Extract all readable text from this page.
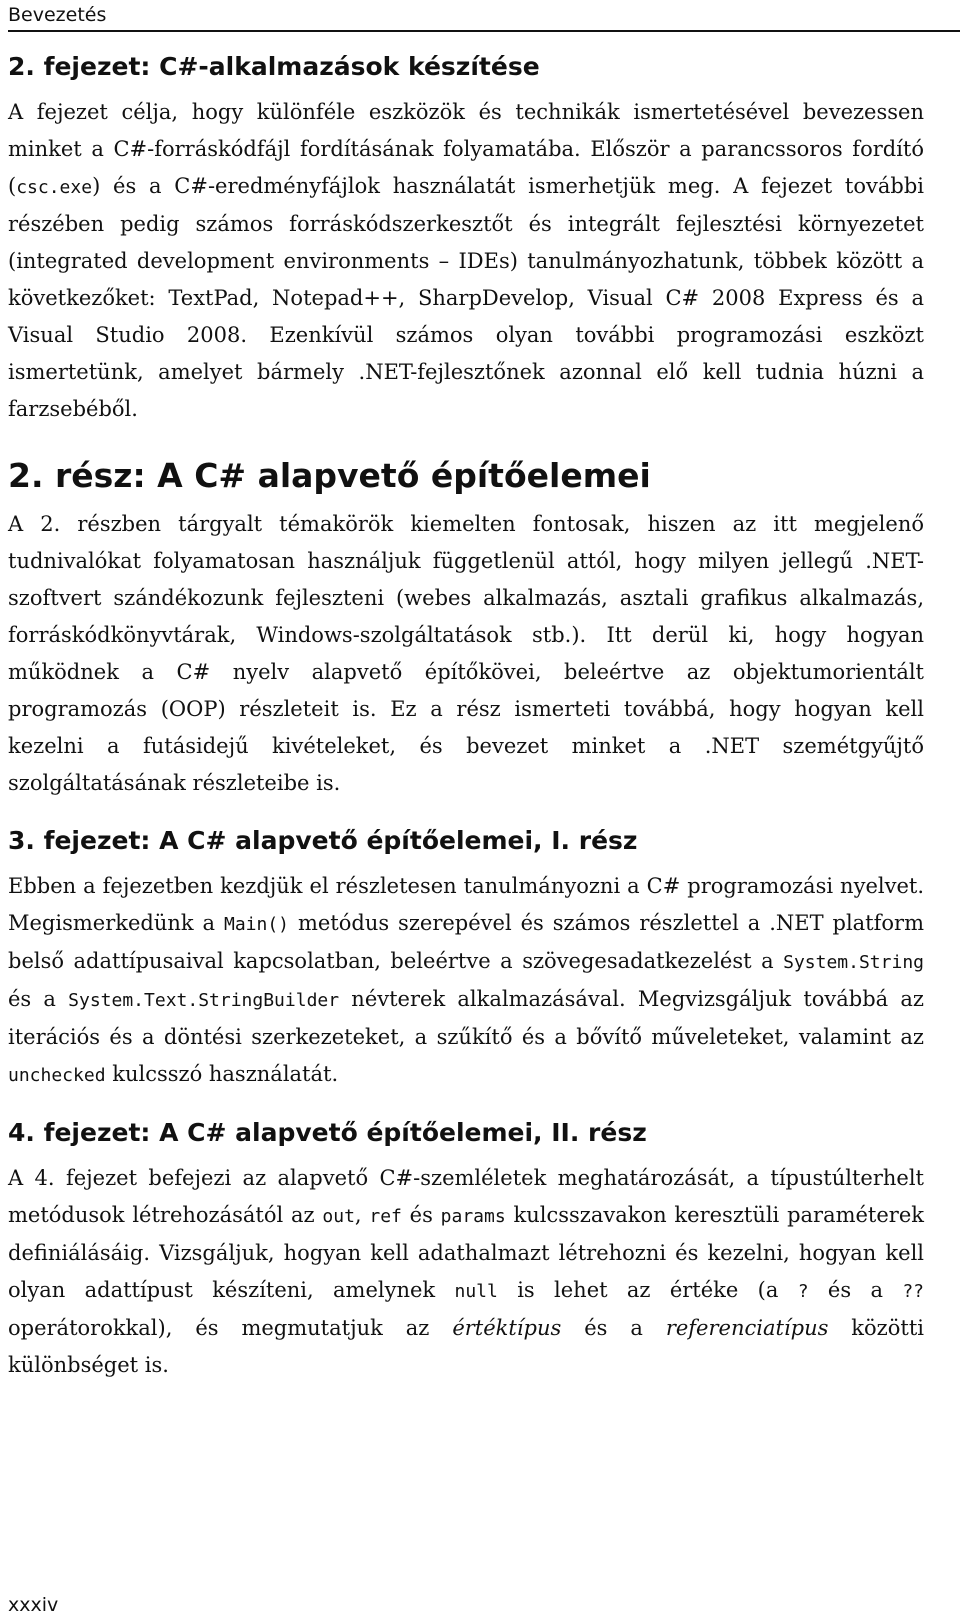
Bevezetés
2. fejezet: C#-alkalmazások készítése

A fejezet célja, hogy különféle eszközök és technikák ismertetésével bevezessen minket a C#-forráskódfájl fordításának folyamatába. Először a parancssoros fordító (csc.exe) és a C#-eredményfájlok használatát ismerhetjük meg. A fejezet további részében pedig számos forráskódszerkesztőt és integrált fejlesztési környezetet (integrated development environments – IDEs) tanulmányozhatunk, többek között a következőket: TextPad, Notepad++, SharpDevelop, Visual C# 2008 Express és a Visual Studio 2008. Ezenkívül számos olyan további programozási eszközt ismertetünk, amelyet bármely .NET-fejlesztőnek azonnal elő kell tudnia húzni a farzsebéből.

2. rész: A C# alapvető építőelemei

A 2. részben tárgyalt témakörök kiemelten fontosak, hiszen az itt megjelenő tudnivalókat folyamatosan használjuk függetlenül attól, hogy milyen jellegű .NET-szoftvert szándékozunk fejleszteni (webes alkalmazás, asztali grafikus alkalmazás, forráskódkönyvtárak, Windows-szolgáltatások stb.). Itt derül ki, hogy hogyan működnek a C# nyelv alapvető építőkövei, beleértve az objektumorientált programozás (OOP) részleteit is. Ez a rész ismerteti továbbá, hogy hogyan kell kezelni a futásidejű kivételeket, és bevezet minket a .NET szemétgyűjtő szolgáltatásának részleteibe is.

3. fejezet: A C# alapvető építőelemei, I. rész

Ebben a fejezetben kezdjük el részletesen tanulmányozni a C# programozási nyelvet. Megismerkedünk a Main() metódus szerepével és számos részlettel a .NET platform belső adattípusaival kapcsolatban, beleértve a szövegesadatkezelést a System.String és a System.Text.StringBuilder névterek alkalmazásával. Megvizsgáljuk továbbá az iterációs és a döntési szerkezeteket, a szűkítő és a bővítő műveleteket, valamint az unchecked kulcsszó használatát.

4. fejezet: A C# alapvető építőelemei, II. rész

A 4. fejezet befejezi az alapvető C#-szemléletek meghatározását, a típustúlterhelt metódusok létrehozásától az out, ref és params kulcsszavakon keresztüli paraméterek definiálásáig. Vizsgáljuk, hogyan kell adathalmazt létrehozni és kezelni, hogyan kell olyan adattípust készíteni, amelynek null is lehet az értéke (a ? és a ?? operátorokkal), és megmutatjuk az értéktípus és a referenciatípus közötti különbséget is.

xxxiv
